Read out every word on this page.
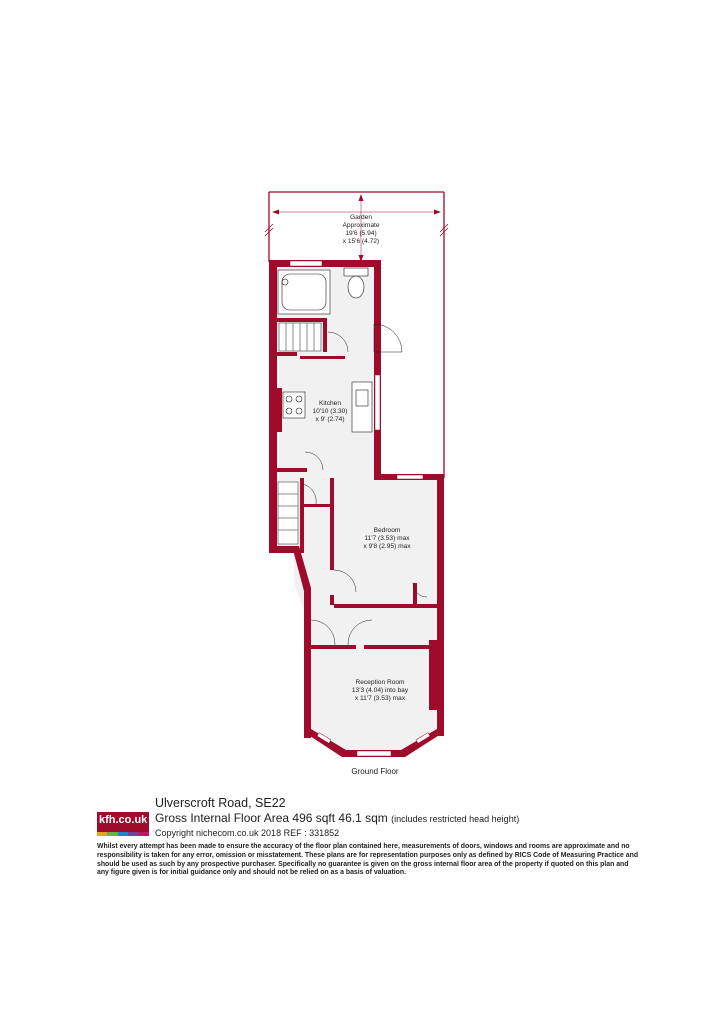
Garden
Approximate
19'6 (5.94)
x 15'6 (4.72)
Kitchen
10'10 (3.30)
x 9' (2.74)
Bedroom
11'7 (3.53) max
x 9'8 (2.95) max
Reception Room
13'3 (4.04) into bay
x 11'7 (3.53) max
Ground Floor
kfh.co.uk
Ulverscroft Road, SE22
Gross Internal Floor Area 496 sqft 46.1 sqm (includes restricted head height)
Copyright nichecom.co.uk 2018 REF : 331852
Whilst every attempt has been made to ensure the accuracy of the floor plan contained here, measurements of doors, windows and rooms are approximate and no responsibility is taken for any error, omission or misstatement. These plans are for representation purposes only as defined by RICS Code of Measuring Practice and should be used as such by any prospective purchaser. Specifically no guarantee is given on the gross internal floor area of the property if quoted on this plan and any figure given is for initial guidance only and should not be relied on as a basis of valuation.
